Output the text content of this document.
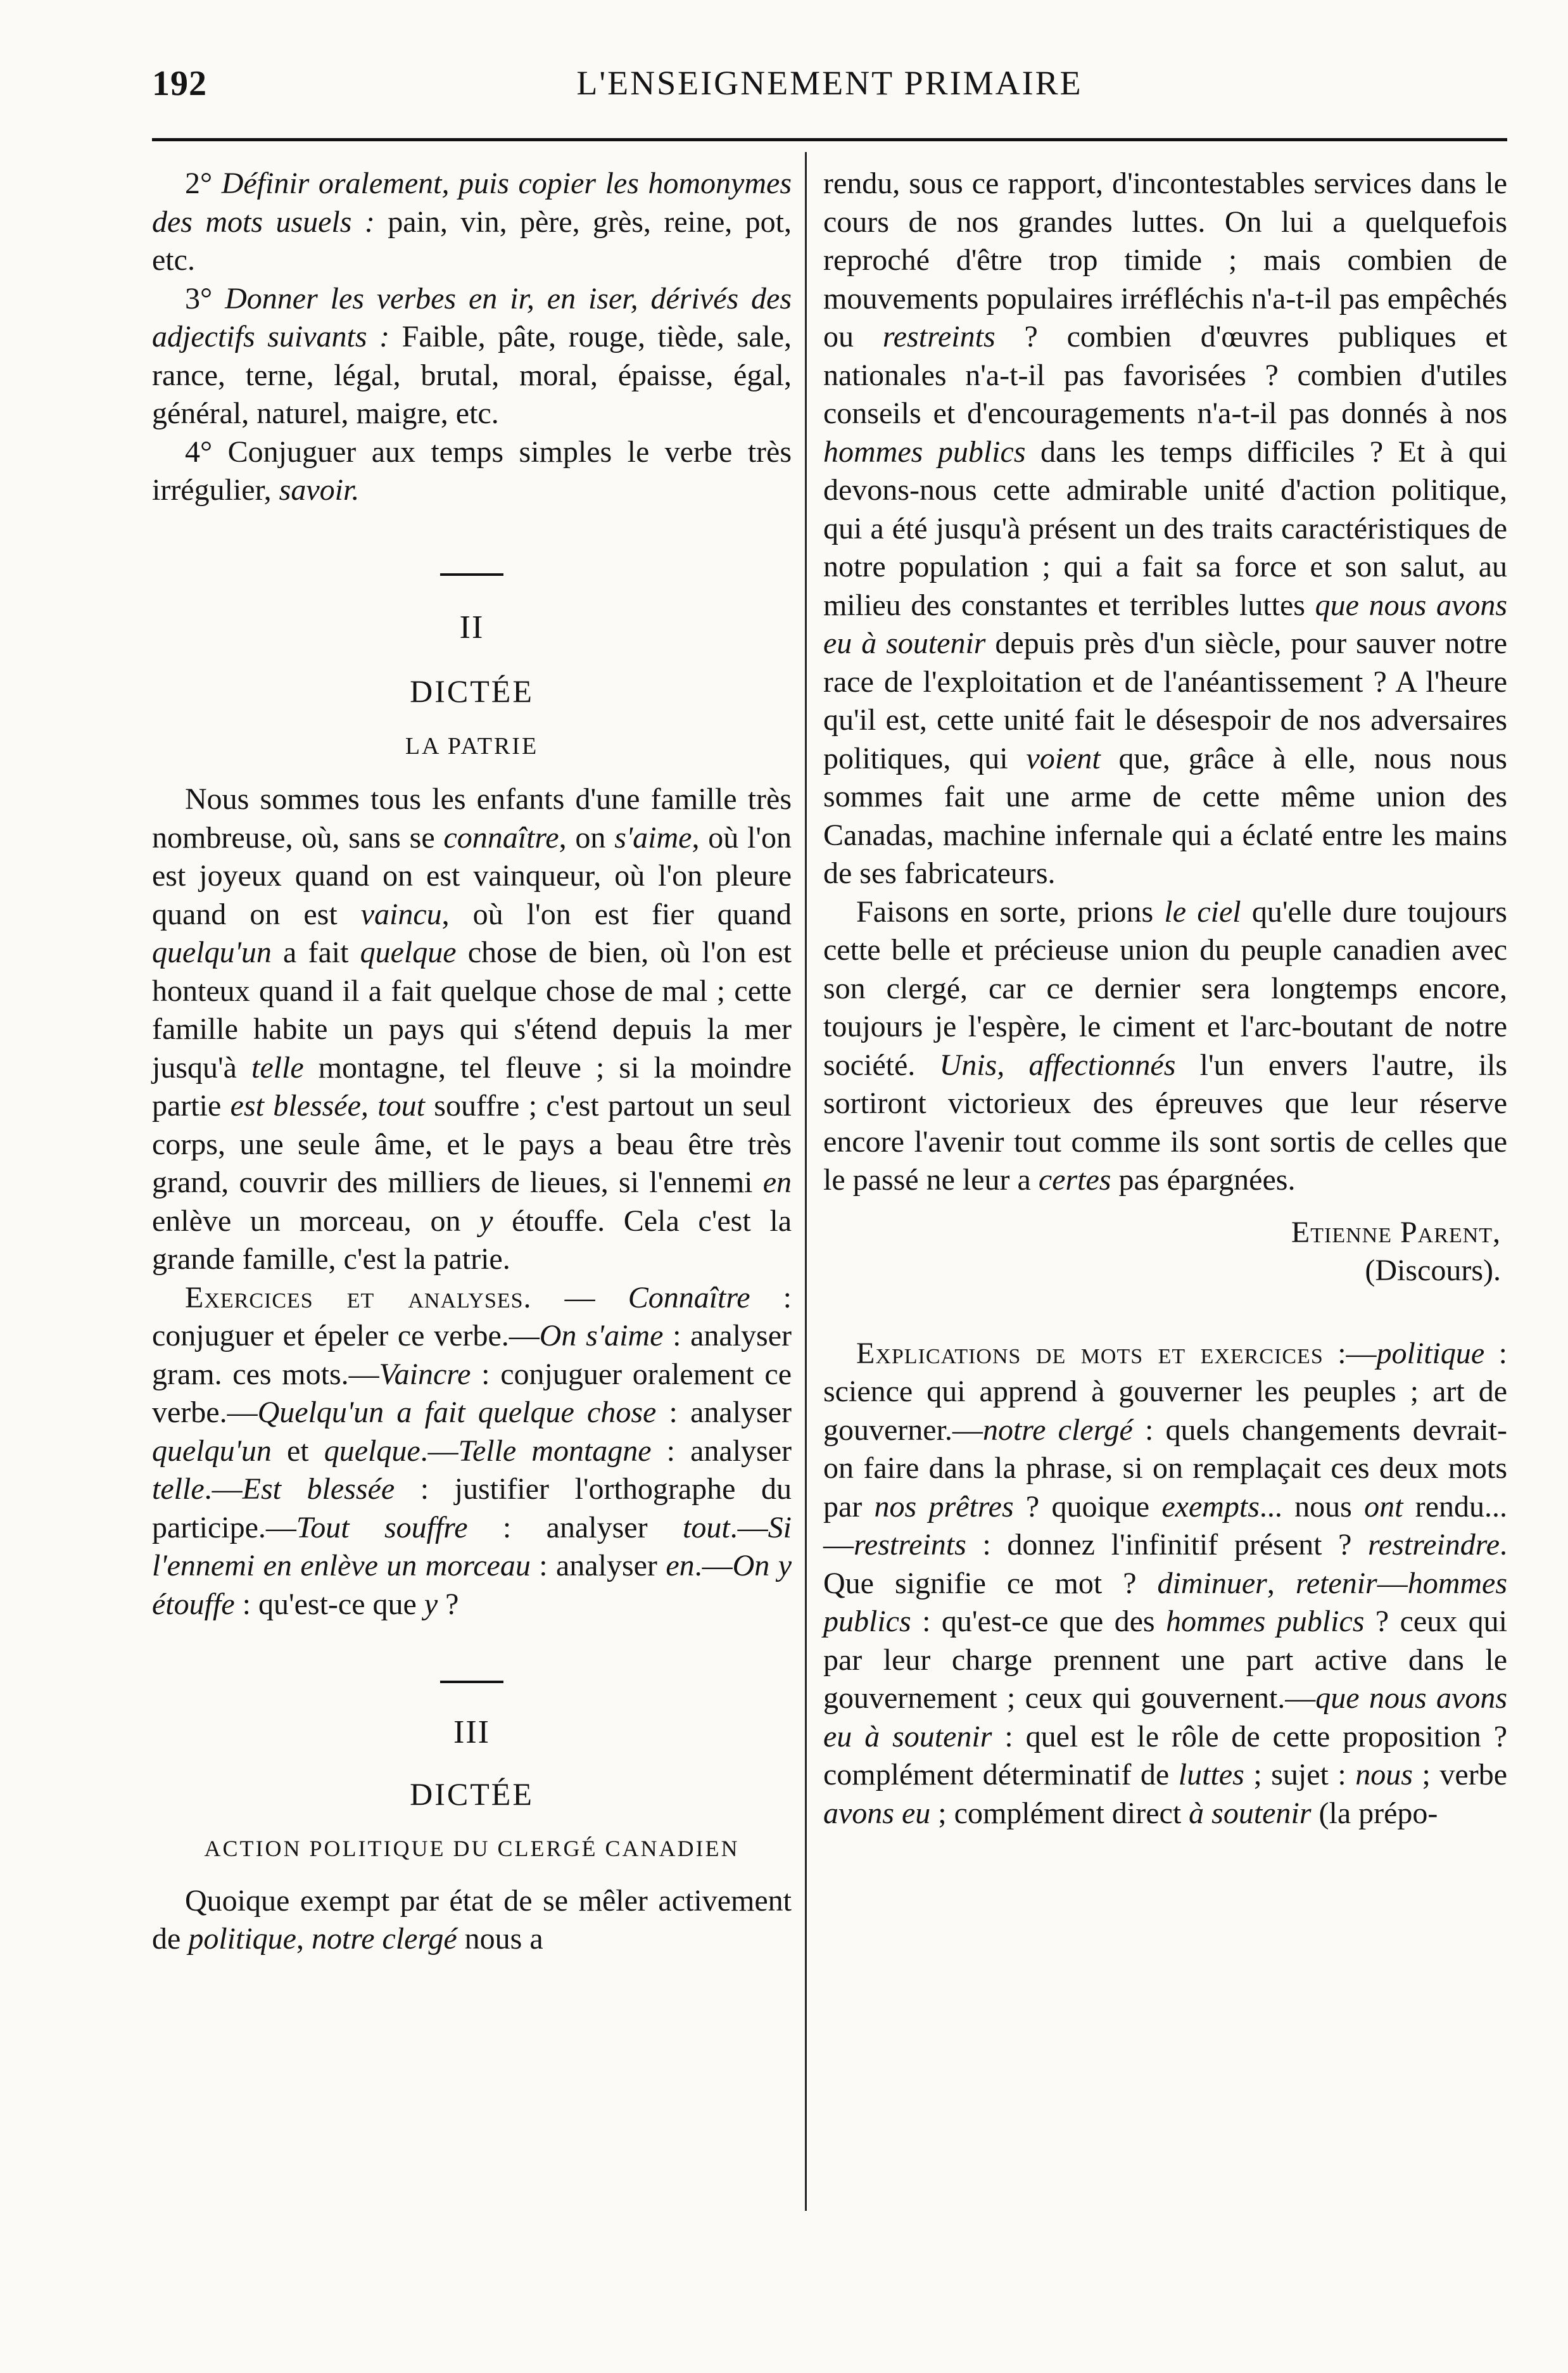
192	L'ENSEIGNEMENT PRIMAIRE

2° Définir oralement, puis copier les homonymes des mots usuels : pain, vin, père, grès, reine, pot, etc.

3° Donner les verbes en ir, en iser, dérivés des adjectifs suivants : Faible, pâte, rouge, tiède, sale, rance, terne, légal, brutal, moral, épaisse, égal, général, naturel, maigre, etc.

4° Conjuguer aux temps simples le verbe très irrégulier, savoir.

II
DICTÉE
LA PATRIE

Nous sommes tous les enfants d'une famille très nombreuse, où, sans se connaître, on s'aime, où l'on est joyeux quand on est vainqueur, où l'on pleure quand on est vaincu, où l'on est fier quand quelqu'un a fait quelque chose de bien, où l'on est honteux quand il a fait quelque chose de mal ; cette famille habite un pays qui s'étend depuis la mer jusqu'à telle montagne, tel fleuve ; si la moindre partie est blessée, tout souffre ; c'est partout un seul corps, une seule âme, et le pays a beau être très grand, couvrir des milliers de lieues, si l'ennemi en enlève un morceau, on y étouffe. Cela c'est la grande famille, c'est la patrie.

Exercices et analyses. — Connaître : conjuguer et épeler ce verbe.—On s'aime : analyser gram. ces mots.—Vaincre : conjuguer oralement ce verbe.—Quelqu'un a fait quelque chose : analyser quelqu'un et quelque.—Telle montagne : analyser telle.—Est blessée : justifier l'orthographe du participe.—Tout souffre : analyser tout.—Si l'ennemi en enlève un morceau : analyser en.—On y étouffe : qu'est-ce que y ?

III
DICTÉE
ACTION POLITIQUE DU CLERGÉ CANADIEN

Quoique exempt par état de se mêler activement de politique, notre clergé nous a

rendu, sous ce rapport, d'incontestables services dans le cours de nos grandes luttes. On lui a quelquefois reproché d'être trop timide ; mais combien de mouvements populaires irréfléchis n'a-t-il pas empêchés ou restreints ? combien d'œuvres publiques et nationales n'a-t-il pas favorisées ? combien d'utiles conseils et d'encouragements n'a-t-il pas donnés à nos hommes publics dans les temps difficiles ? Et à qui devons-nous cette admirable unité d'action politique, qui a été jusqu'à présent un des traits caractéristiques de notre population ; qui a fait sa force et son salut, au milieu des constantes et terribles luttes que nous avons eu à soutenir depuis près d'un siècle, pour sauver notre race de l'exploitation et de l'anéantissement ? A l'heure qu'il est, cette unité fait le désespoir de nos adversaires politiques, qui voient que, grâce à elle, nous nous sommes fait une arme de cette même union des Canadas, machine infernale qui a éclaté entre les mains de ses fabricateurs.

Faisons en sorte, prions le ciel qu'elle dure toujours cette belle et précieuse union du peuple canadien avec son clergé, car ce dernier sera longtemps encore, toujours je l'espère, le ciment et l'arc-boutant de notre société. Unis, affectionnés l'un envers l'autre, ils sortiront victorieux des épreuves que leur réserve encore l'avenir tout comme ils sont sortis de celles que le passé ne leur a certes pas épargnées.

Etienne Parent,
(Discours).

Explications de mots et exercices :—politique : science qui apprend à gouverner les peuples ; art de gouverner.—notre clergé : quels changements devrait-on faire dans la phrase, si on remplaçait ces deux mots par nos prêtres ? quoique exempts... nous ont rendu... —restreints : donnez l'infinitif présent ? restreindre. Que signifie ce mot ? diminuer, retenir—hommes publics : qu'est-ce que des hommes publics ? ceux qui par leur charge prennent une part active dans le gouvernement ; ceux qui gouvernent.—que nous avons eu à soutenir : quel est le rôle de cette proposition ? complément déterminatif de luttes ; sujet : nous ; verbe avons eu ; complément direct à soutenir (la prépo-
